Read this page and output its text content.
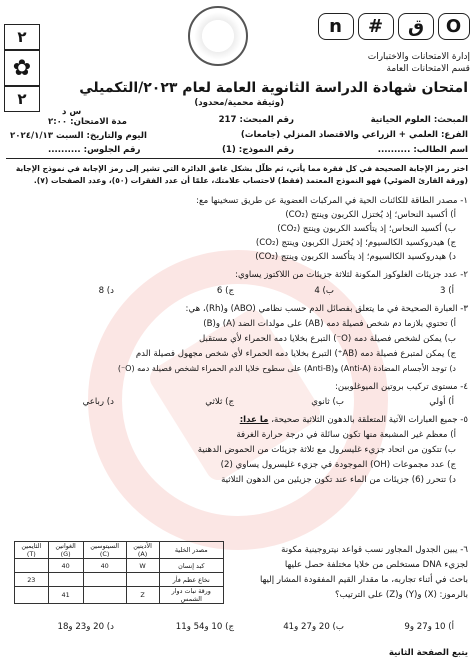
n # ق O
٢
✿
٢
إدارة الامتحانات والاختبارات
قسم الامتحانات العامة
امتحان شهادة الدراسة الثانوية العامة لعام ٢٠٢٣/التكميلي
(وثيقة محمية/محدود)
المبحث: العلوم الحياتية
رقم المبحث: 217
الفرع: العلمي + الزراعي والاقتصاد المنزلي (جامعات)
اسم الطالب: ..........
رقم النموذج: (1)
س د
مدة الامتحان: ٢:٠٠
اليوم والتاريخ: السبت ٢٠٢٤/١/١٣
رقم الجلوس: ..........
اختر رمز الإجابة الصحيحة في كل فقرة مما يأتي، ثم ظلّل بشكل غامق الدائرة التي تشير إلى رمز الإجابة في نموذج الإجابة
(ورقة القارئ الضوئي) فهو النموذج المعتمد (فقط) لاحتساب علامتك، علمًا أن عدد الفقرات (٥٠)، وعدد الصفحات (٧).
١- مصدر الطاقة للكائنات الحية في المركبات العضوية عن طريق تسخينها مع:
أ) أكسيد النحاس؛ إذ يُختزل الكربون وينتج (CO₂)
ب) أكسيد النحاس؛ إذ يتأكسد الكربون وينتج (CO₂)
ج) هيدروكسيد الكالسيوم؛ إذ يُختزل الكربون وينتج (CO₂)
د) هيدروكسيد الكالسيوم؛ إذ يتأكسد الكربون وينتج (CO₂)
٢- عدد جزيئات الغلوكوز المكونة لثلاثة جزيئات من اللاكتوز يساوي:
أ) 3
ب) 4
ج) 6
د) 8
٣- العبارة الصحيحة في ما يتعلق بفصائل الدم حسب نظامي (ABO) و(Rh)، هي:
أ) تحتوي بلازما دم شخص فصيلة دمه (AB) على مولدات الضد (A) و(B)
ب) يمكن لشخص فصيلة دمه (O⁻) التبرع بخلايا دمه الحمراء لأي مستقبل
ج) يمكن لمتبرع فصيلة دمه (AB⁺) التبرع بخلايا دمه الحمراء لأي شخص مجهول فصيلة الدم
د) توجد الأجسام المضادة (Anti-A) و(Anti-B) على سطوح خلايا الدم الحمراء لشخص فصيلة دمه (O⁻)
٤- مستوى تركيب بروتين الميوغلوبين:
أ) أولي
ب) ثانوي
ج) ثلاثي
د) رباعي
٥- جميع العبارات الآتية المتعلقة بالدهون الثلاثية صحيحة، ما عدا:
أ) معظم غير المشبعة منها تكون سائلة في درجة حرارة الغرفة
ب) تتكون من اتحاد جزيء غليسرول مع ثلاثة جزيئات من الحموض الدهنية
ج) عدد مجموعات (OH) الموجودة في جزيء غليسرول يساوي (2)
د) تتحرر (6) جزيئات من الماء عند تكون جزيئين من الدهون الثلاثية
٦- يبين الجدول المجاور نسب قواعد نيتروجينية مكونة
لجزيء DNA مستخلص من خلايا مختلفة حصل عليها
باحث في أثناء تجاربه، ما مقدار القيم المفقودة المشار إليها
بالرموز: (X) و(Y) و(Z) على الترتيب؟
مصدر الخلية	الأدينين (A)	السيتوسين (C)	الغوانين (G)	الثايمين (T)
كبد إنسان	W	40	40	
نخاع عظم فأر				23
ورقة نبات دوار الشمس	Z		41	
أ) 10 و27 و9
ب) 20 و27 و41
ج) 10 و54 و11
د) 20 و23 و18
يتبع الصفحة الثانية
